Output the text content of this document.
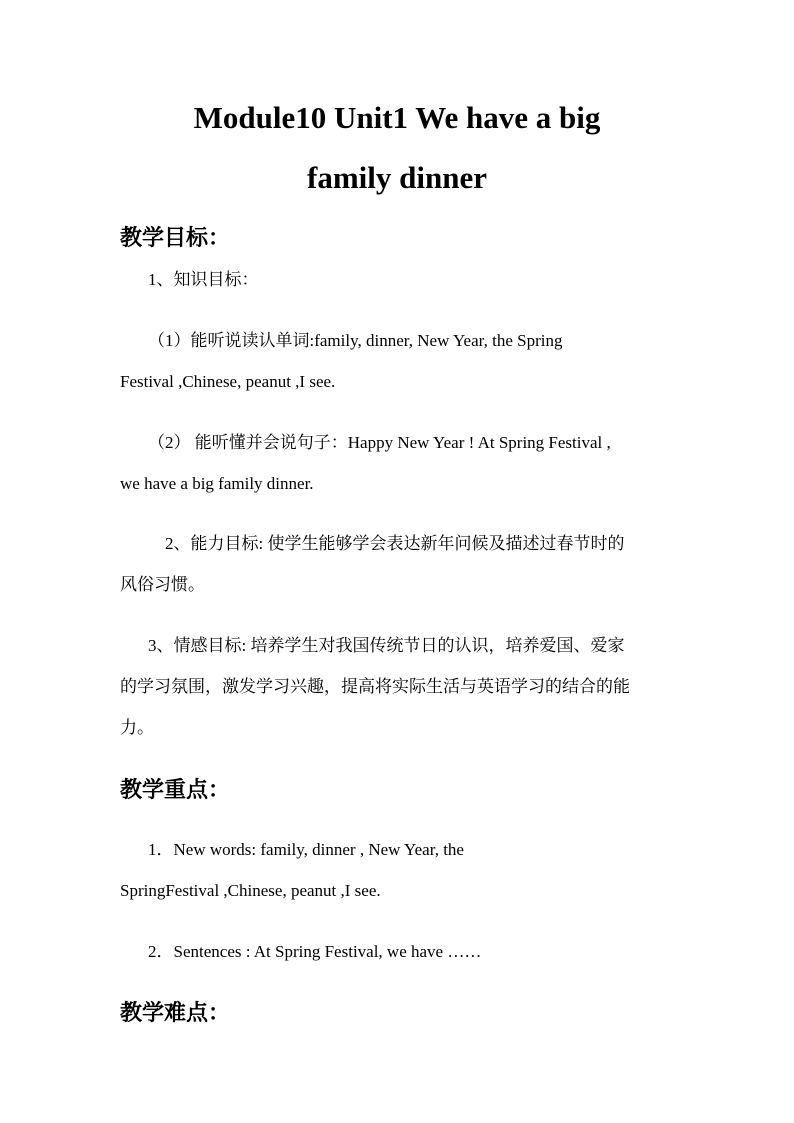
Module10 Unit1 We have a big
family dinner
教学目标：
1、知识目标：
（1）能听说读认单词:family, dinner, New Year, the Spring
Festival ,Chinese, peanut ,I see.
（2） 能听懂并会说句子：Happy New Year ! At Spring Festival ,
we have a big family dinner.
2、能力目标: 使学生能够学会表达新年问候及描述过春节时的
风俗习惯。
3、情感目标: 培养学生对我国传统节日的认识，培养爱国、爱家
的学习氛围，激发学习兴趣，提高将实际生活与英语学习的结合的能
力。
教学重点：
1．New words: family, dinner , New Year, the
SpringFestival ,Chinese, peanut ,I see.
2．Sentences : At Spring Festival, we have ……
教学难点：
